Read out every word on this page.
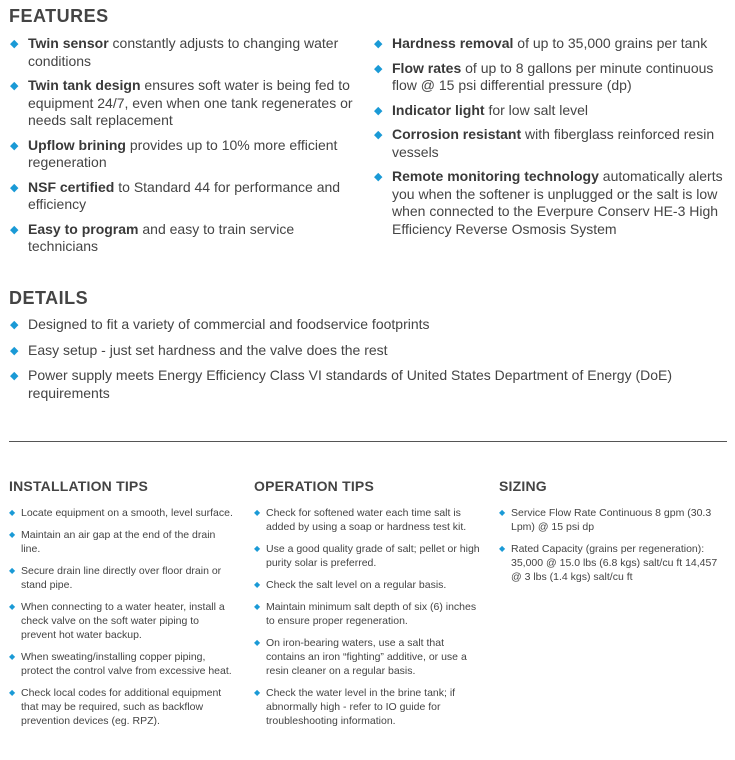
FEATURES
◆ Twin sensor constantly adjusts to changing water conditions
◆ Twin tank design ensures soft water is being fed to equipment 24/7, even when one tank regenerates or needs salt replacement
◆ Upflow brining provides up to 10% more efficient regeneration
◆ NSF certified to Standard 44 for performance and efficiency
◆ Easy to program and easy to train service technicians
◆ Hardness removal of up to 35,000 grains per tank
◆ Flow rates of up to 8 gallons per minute continuous flow @ 15 psi differential pressure (dp)
◆ Indicator light for low salt level
◆ Corrosion resistant with fiberglass reinforced resin vessels
◆ Remote monitoring technology automatically alerts you when the softener is unplugged or the salt is low when connected to the Everpure Conserv HE-3 High Efficiency Reverse Osmosis System
DETAILS
◆ Designed to fit a variety of commercial and foodservice footprints
◆ Easy setup - just set hardness and the valve does the rest
◆ Power supply meets Energy Efficiency Class VI standards of United States Department of Energy (DoE) requirements
INSTALLATION TIPS
◆ Locate equipment on a smooth, level surface.
◆ Maintain an air gap at the end of the drain line.
◆ Secure drain line directly over floor drain or stand pipe.
◆ When connecting to a water heater, install a check valve on the soft water piping to prevent hot water backup.
◆ When sweating/installing copper piping, protect the control valve from excessive heat.
◆ Check local codes for additional equipment that may be required, such as backflow prevention devices (eg. RPZ).
OPERATION TIPS
◆ Check for softened water each time salt is added by using a soap or hardness test kit.
◆ Use a good quality grade of salt; pellet or high purity solar is preferred.
◆ Check the salt level on a regular basis.
◆ Maintain minimum salt depth of six (6) inches to ensure proper regeneration.
◆ On iron-bearing waters, use a salt that contains an iron “fighting” additive, or use a resin cleaner on a regular basis.
◆ Check the water level in the brine tank; if abnormally high - refer to IO guide for troubleshooting information.
SIZING
◆ Service Flow Rate Continuous 8 gpm (30.3 Lpm) @ 15 psi dp
◆ Rated Capacity (grains per regeneration): 35,000 @ 15.0 lbs (6.8 kgs) salt/cu ft 14,457 @ 3 lbs (1.4 kgs) salt/cu ft
